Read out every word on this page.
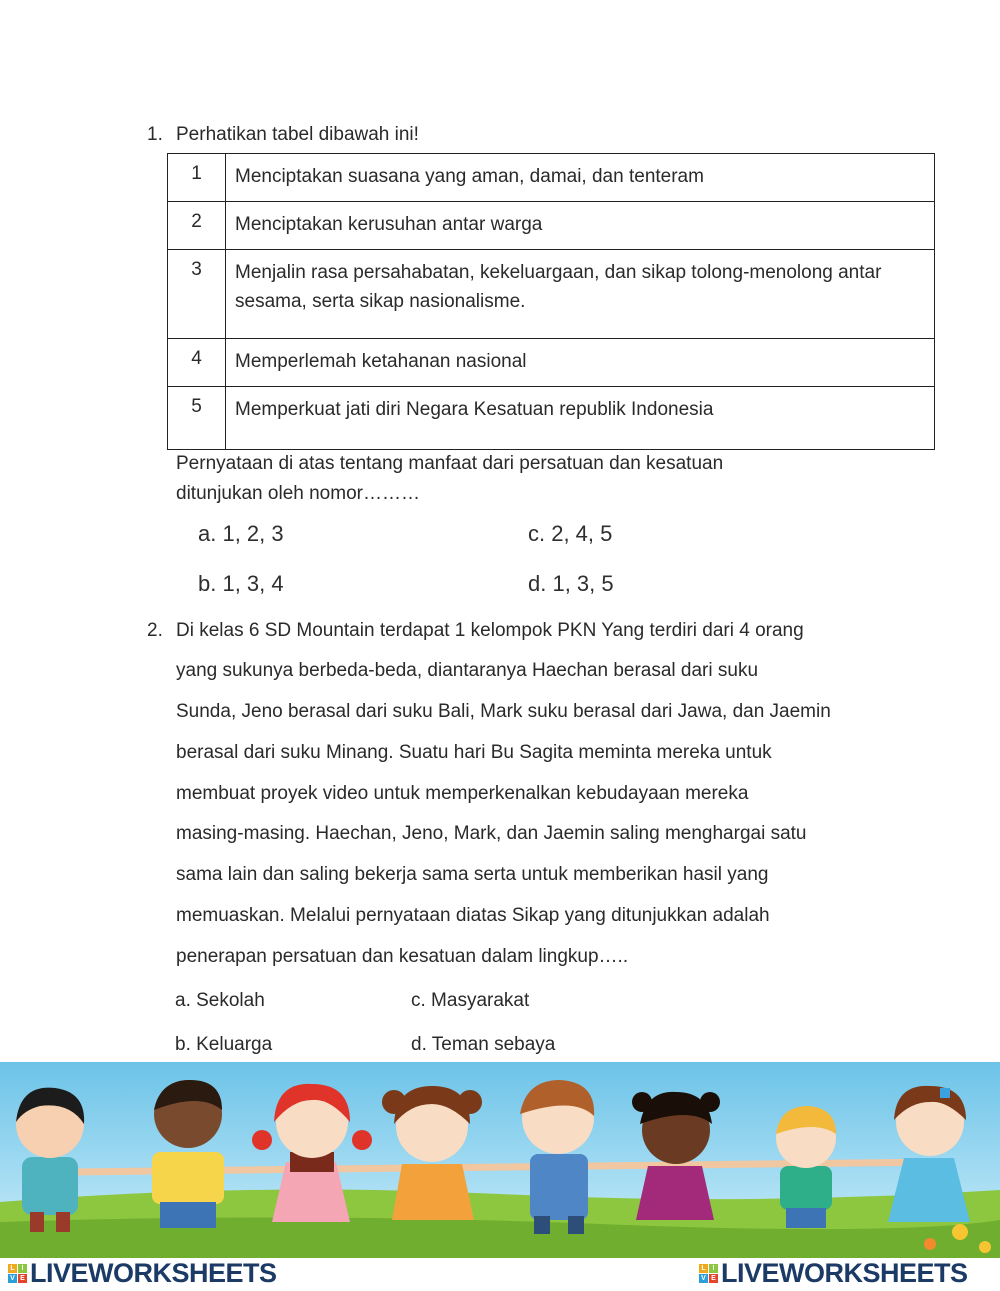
1. Perhatikan tabel dibawah ini!
1	Menciptakan suasana yang aman, damai, dan tenteram
2	Menciptakan kerusuhan antar warga
3	Menjalin rasa persahabatan, kekeluargaan, dan sikap tolong-menolong antar sesama, serta sikap nasionalisme.
4	Memperlemah ketahanan nasional
5	Memperkuat jati diri Negara Kesatuan republik Indonesia
Pernyataan di atas tentang manfaat dari persatuan dan kesatuan
ditunjukan oleh nomor………
a. 1, 2, 3	c. 2, 4, 5
b. 1, 3, 4	d. 1, 3, 5
2. Di kelas 6 SD Mountain terdapat 1 kelompok PKN Yang terdiri dari 4 orang
yang sukunya berbeda-beda, diantaranya Haechan berasal dari suku
Sunda, Jeno berasal dari suku Bali, Mark suku berasal dari Jawa, dan Jaemin
berasal dari suku Minang. Suatu hari Bu Sagita meminta mereka untuk
membuat proyek video untuk memperkenalkan kebudayaan mereka
masing-masing. Haechan, Jeno, Mark, dan Jaemin saling menghargai satu
sama lain dan saling bekerja sama serta untuk memberikan hasil yang
memuaskan. Melalui pernyataan diatas Sikap yang ditunjukkan adalah
penerapan persatuan dan kesatuan dalam lingkup…..
a. Sekolah	c. Masyarakat
b. Keluarga	d. Teman sebaya
L I
V E LIVEWORKSHEETS	L I
V E LIVEWORKSHEETS
